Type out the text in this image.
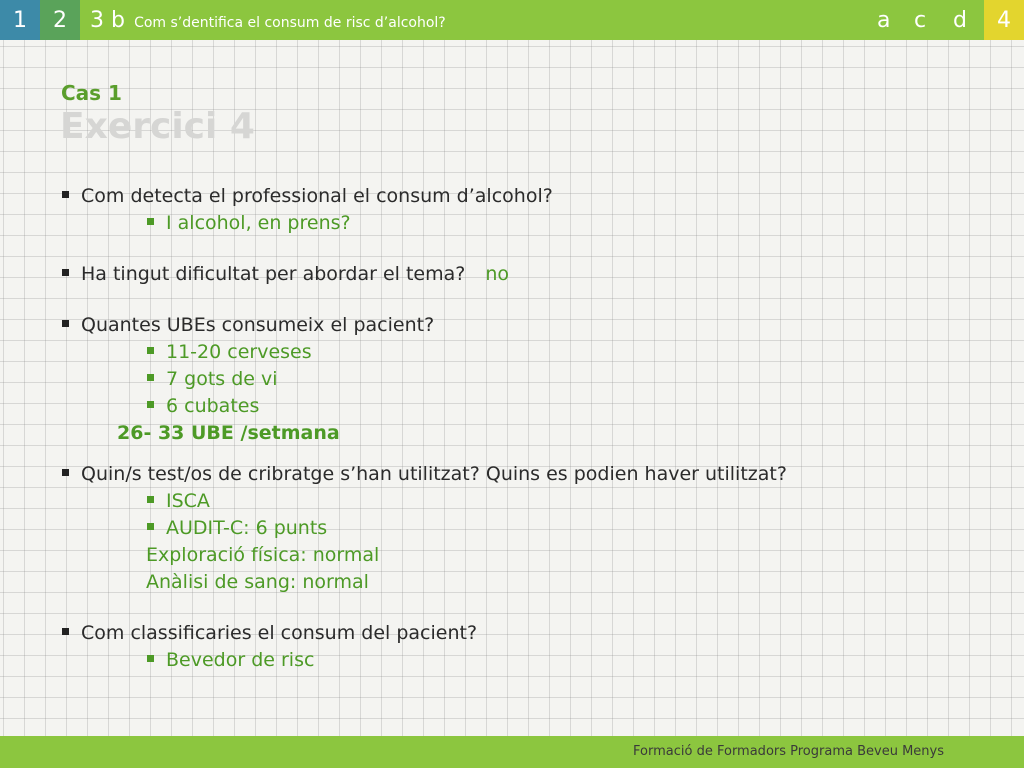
1	2	3 b Com s’dentifica el consum de risc d’alcohol?	a c d	4
Cas 1
Exercici 4
Com detecta el professional el consum d’alcohol?
I alcohol, en prens?
Ha tingut dificultat per abordar el tema? no
Quantes UBEs consumeix el pacient?
11-20 cerveses
7 gots de vi
6 cubates
26- 33 UBE /setmana
Quin/s test/os de cribratge s’han utilitzat? Quins es podien haver utilitzat?
ISCA
AUDIT-C: 6 punts
Exploració física: normal
Anàlisi de sang: normal
Com classificaries el consum del pacient?
Bevedor de risc
Formació de Formadors Programa Beveu Menys
